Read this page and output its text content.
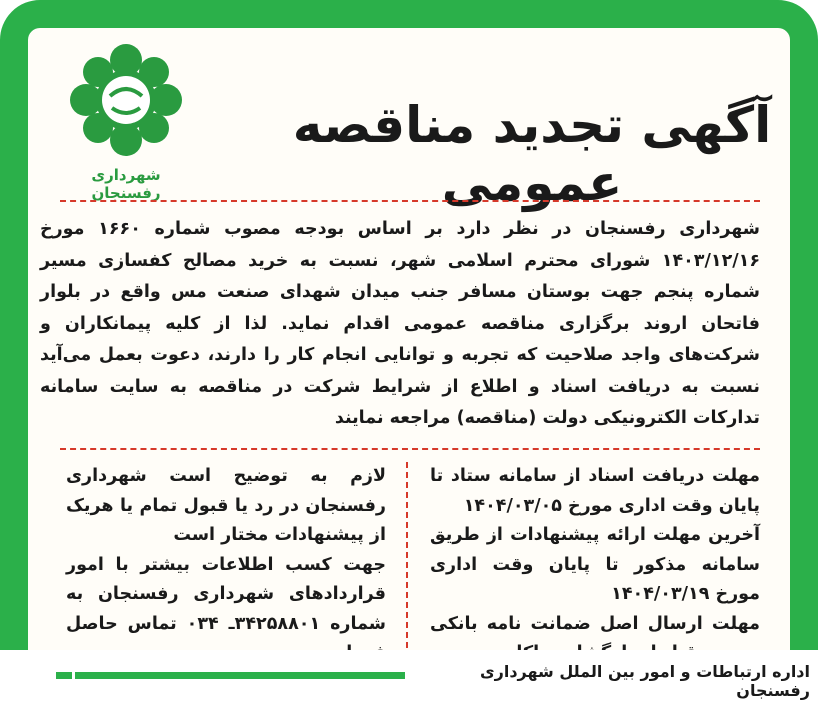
شهرداری رفسنجان
آگهی تجدید مناقصه عمومی
شهرداری رفسنجان در نظر دارد بر اساس بودجه مصوب شماره ۱۶۶۰ مورخ ۱۴۰۳/۱۲/۱۶ شورای محترم اسلامی شهر، نسبت به خرید مصالح کفسازی مسیر شماره پنجم جهت بوستان مسافر جنب میدان شهدای صنعت مس واقع در بلوار فاتحان اروند برگزاری مناقصه عمومی اقدام نماید. لذا از کلیه پیمانکاران و شرکت‌های واجد صلاحیت که تجربه و توانایی انجام کار را دارند، دعوت بعمل می‌آید نسبت به دریافت اسناد و اطلاع از شرایط شرکت در مناقصه به سایت سامانه تدارکات الکترونیکی دولت (مناقصه) مراجعه نمایند

مهلت دریافت اسناد از سامانه ستاد تا پایان وقت اداری مورخ ۱۴۰۴/۰۳/۰۵

آخرین مهلت ارائه پیشنهادات از طریق سامانه مذکور تا پایان وقت اداری مورخ ۱۴۰۴/۰۳/۱۹

مهلت ارسال اصل ضمانت نامه بانکی

لازم به توضیح است شهرداری رفسنجان در رد یا قبول تمام یا هریک از پیشنهادات مختار است

جهت کسب اطلاعات بیشتر با امور قراردادهای شهرداری رفسنجان به شماره ۳۴۲۵۸۸۰۱ـ ۰۳۴ تماس حاصل

اداره ارتباطات و امور بین الملل شهرداری رفسنجان
